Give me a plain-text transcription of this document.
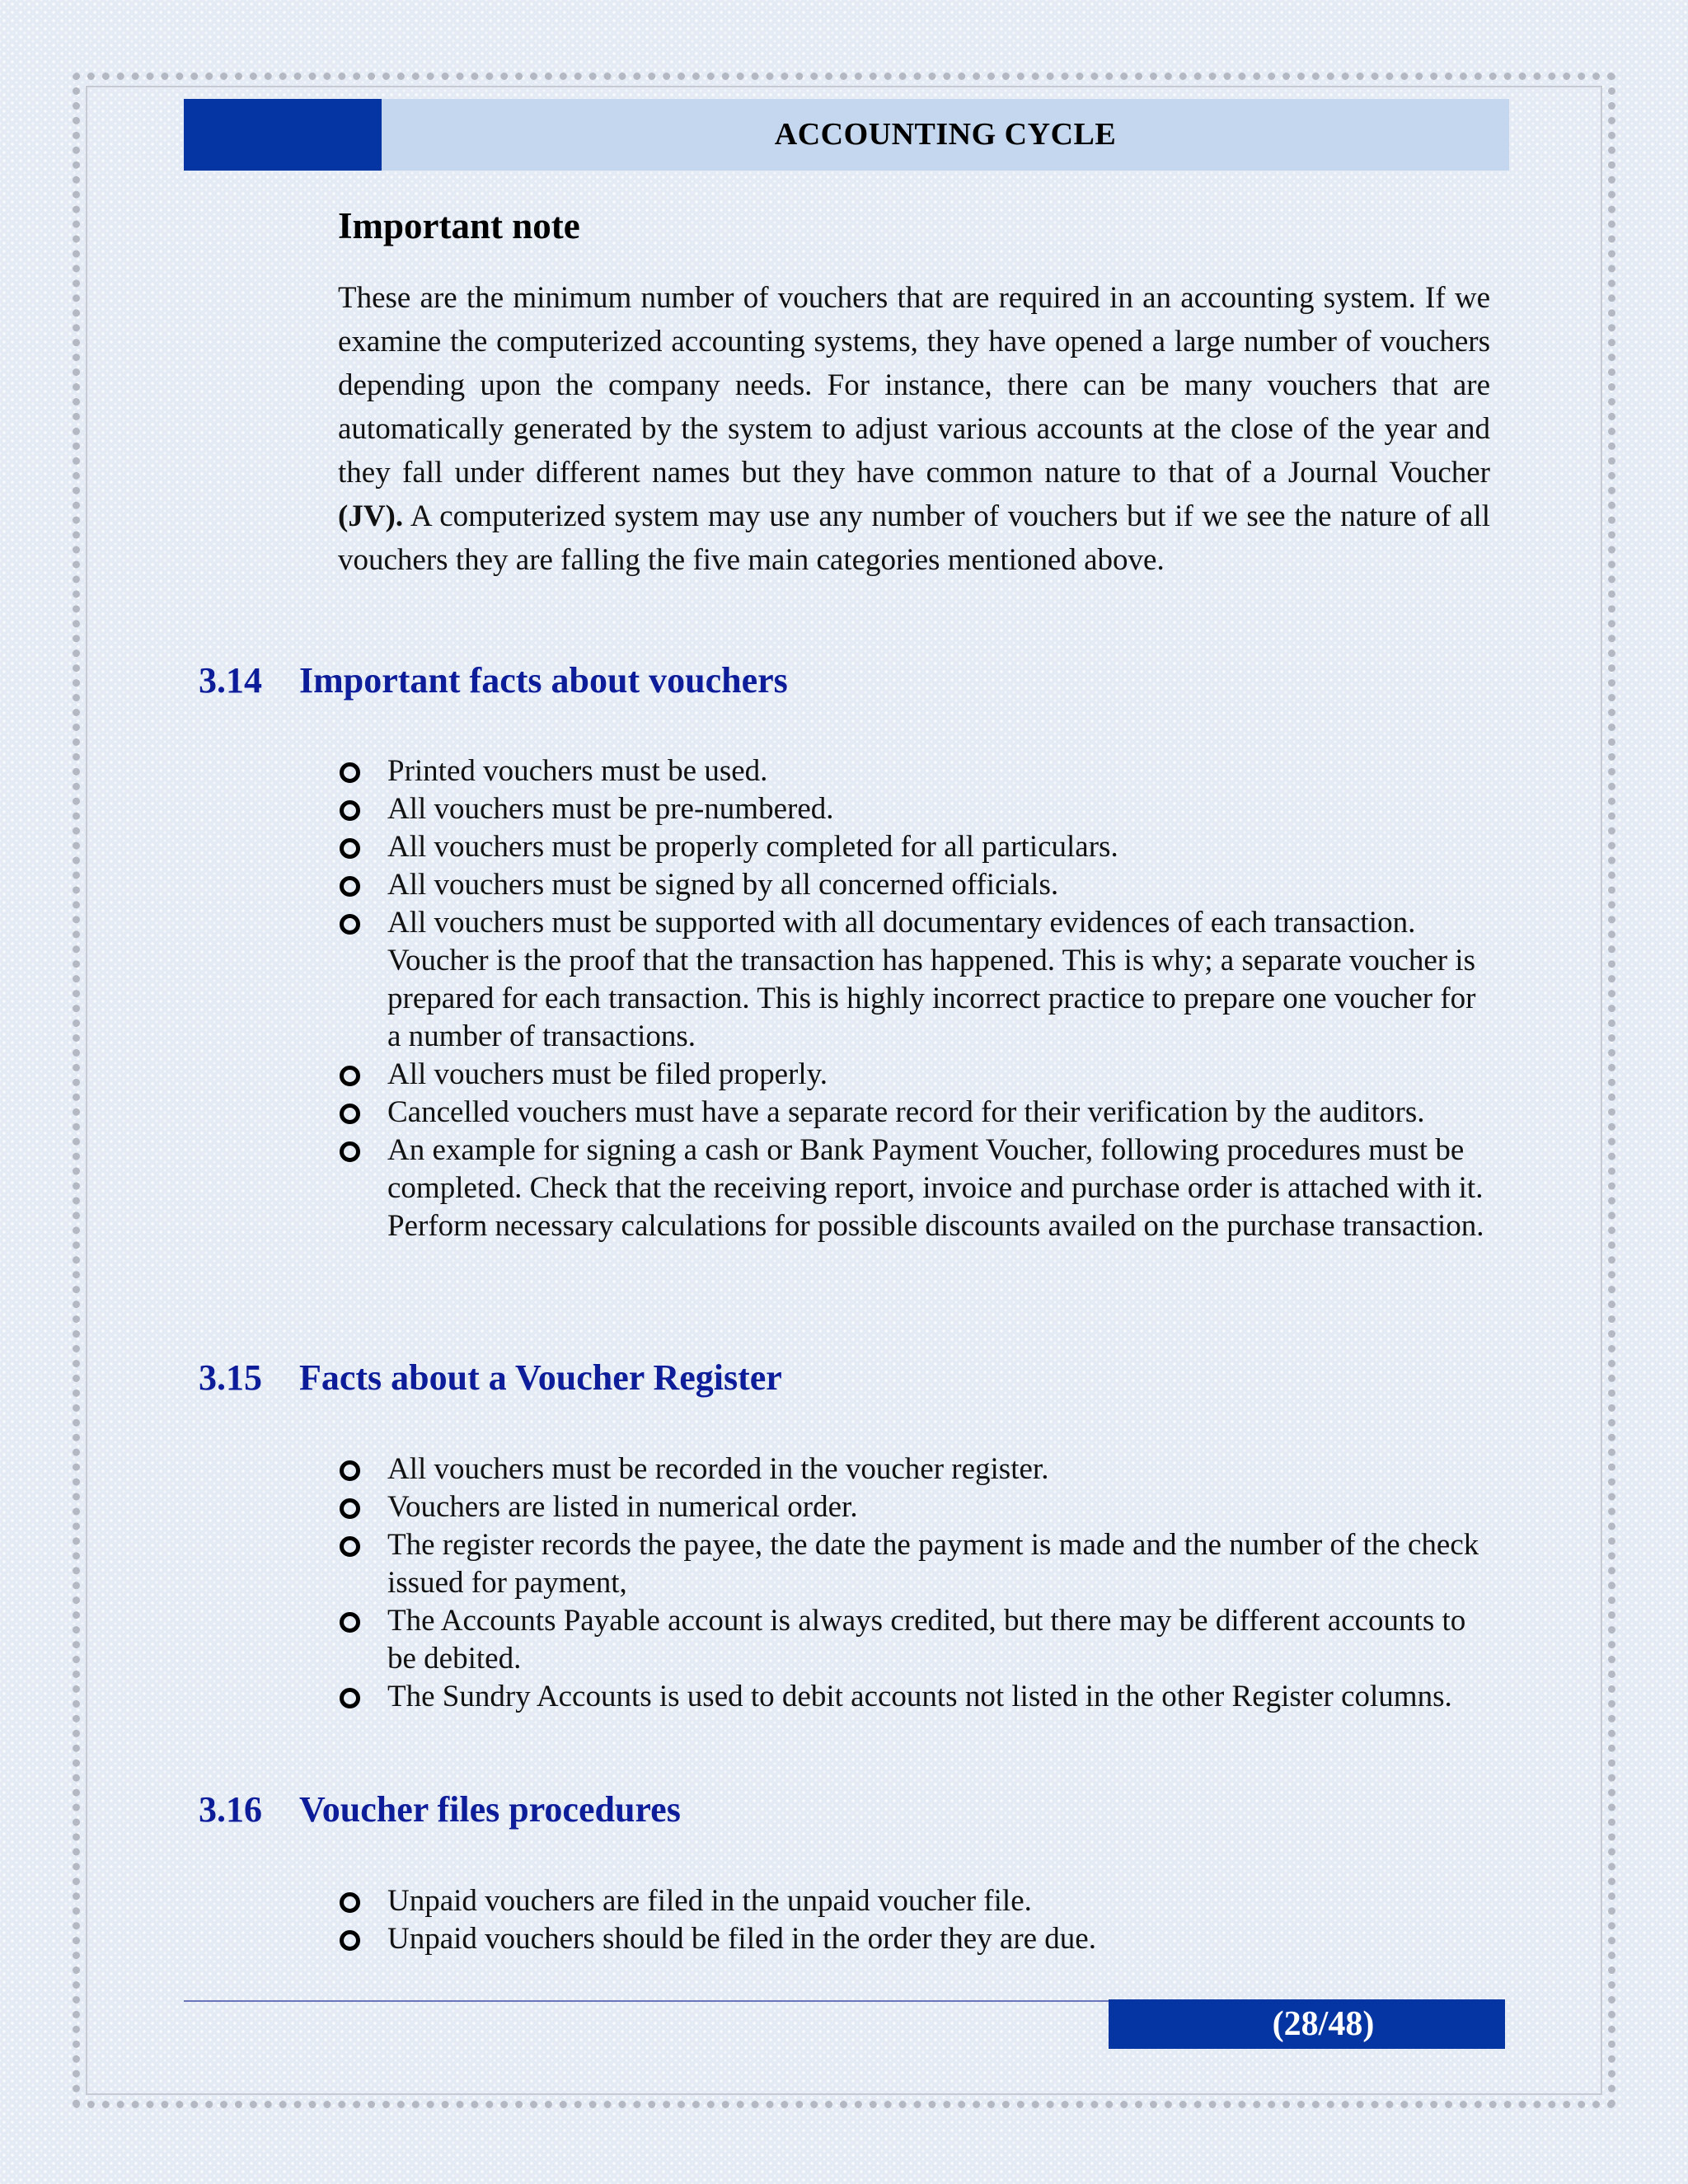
ACCOUNTING CYCLE
Important note

These are the minimum number of vouchers that are required in an accounting system. If we examine the computerized accounting systems, they have opened a large number of vouchers depending upon the company needs. For instance, there can be many vouchers that are automatically generated by the system to adjust various accounts at the close of the year and they fall under different names but they have common nature to that of a Journal Voucher (JV). A computerized system may use any number of vouchers but if we see the nature of all vouchers they are falling the five main categories mentioned above.

3.14 Important facts about vouchers
Printed vouchers must be used.
All vouchers must be pre-numbered.
All vouchers must be properly completed for all particulars.
All vouchers must be signed by all concerned officials.
All vouchers must be supported with all documentary evidences of each transaction. Voucher is the proof that the transaction has happened. This is why; a separate voucher is prepared for each transaction. This is highly incorrect practice to prepare one voucher for a number of transactions.
All vouchers must be filed properly.
Cancelled vouchers must have a separate record for their verification by the auditors.
An example for signing a cash or Bank Payment Voucher, following procedures must be completed. Check that the receiving report, invoice and purchase order is attached with it. Perform necessary calculations for possible discounts availed on the purchase transaction.
3.15 Facts about a Voucher Register
All vouchers must be recorded in the voucher register.
Vouchers are listed in numerical order.
The register records the payee, the date the payment is made and the number of the check issued for payment,
The Accounts Payable account is always credited, but there may be different accounts to be debited.
The Sundry Accounts is used to debit accounts not listed in the other Register columns.
3.16 Voucher files procedures
Unpaid vouchers are filed in the unpaid voucher file.
Unpaid vouchers should be filed in the order they are due.
(28/48)
